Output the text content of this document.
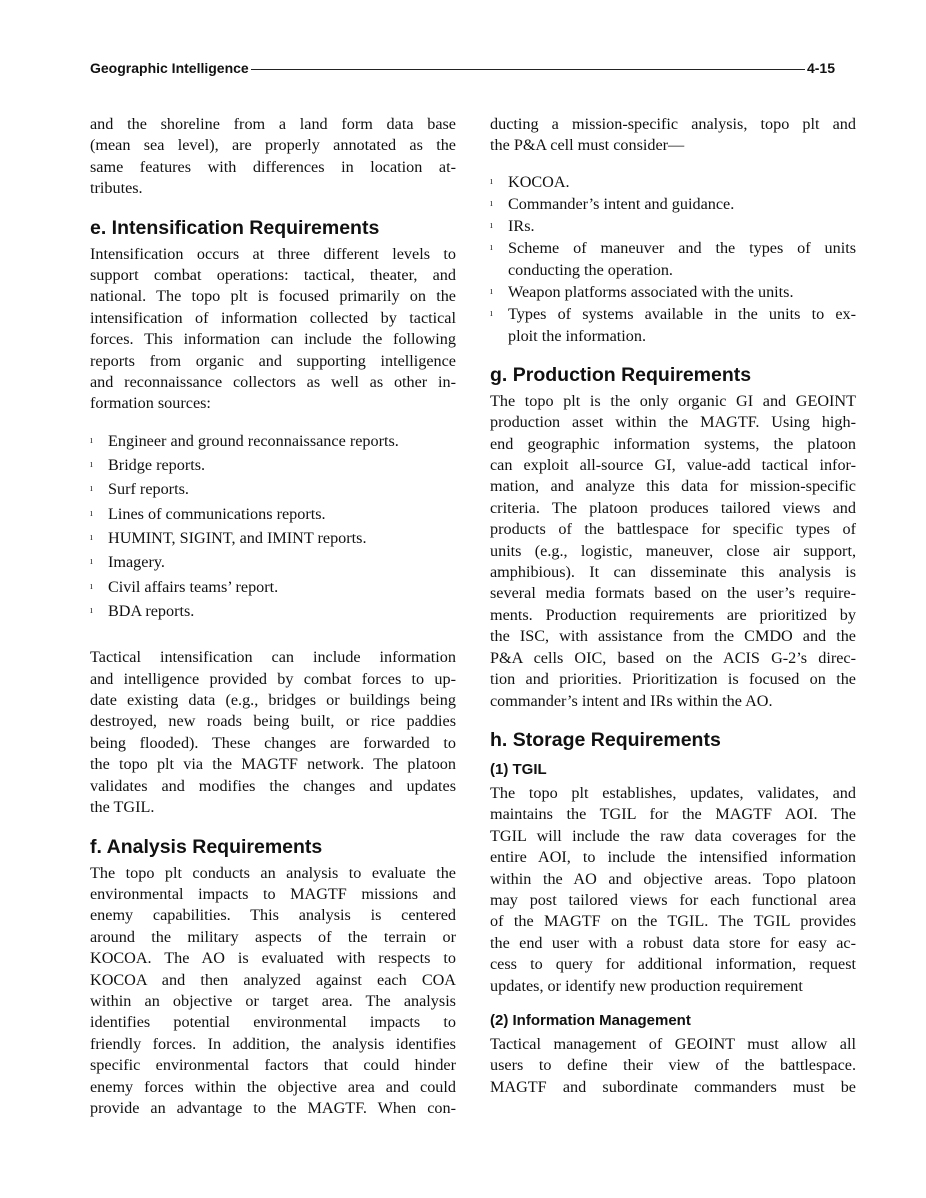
Geographic Intelligence	4-15

and the shoreline from a land form data base
(mean sea level), are properly annotated as the
same features with differences in location at-
tributes.

e. Intensification Requirements

Intensification occurs at three different levels to
support combat operations: tactical, theater, and
national. The topo plt is focused primarily on the
intensification of information collected by tactical
forces. This information can include the following
reports from organic and supporting intelligence
and reconnaissance collectors as well as other in-
formation sources:

ı Engineer and ground reconnaissance reports.
ı Bridge reports.
ı Surf reports.
ı Lines of communications reports.
ı HUMINT, SIGINT, and IMINT reports.
ı Imagery.
ı Civil affairs teams’ report.
ı BDA reports.

Tactical intensification can include information
and intelligence provided by combat forces to up-
date existing data (e.g., bridges or buildings being
destroyed, new roads being built, or rice paddies
being flooded). These changes are forwarded to
the topo plt via the MAGTF network. The platoon
validates and modifies the changes and updates
the TGIL.

f. Analysis Requirements

The topo plt conducts an analysis to evaluate the
environmental impacts to MAGTF missions and
enemy capabilities. This analysis is centered
around the military aspects of the terrain or
KOCOA. The AO is evaluated with respects to
KOCOA and then analyzed against each COA
within an objective or target area. The analysis
identifies potential environmental impacts to
friendly forces. In addition, the analysis identifies
specific environmental factors that could hinder
enemy forces within the objective area and could
provide an advantage to the MAGTF. When con-

ducting a mission-specific analysis, topo plt and
the P&A cell must consider—

ı KOCOA.
ı Commander’s intent and guidance.
ı IRs.
ı Scheme of maneuver and the types of units
conducting the operation.
ı Weapon platforms associated with the units.
ı Types of systems available in the units to ex-
ploit the information.
g. Production Requirements

The topo plt is the only organic GI and GEOINT
production asset within the MAGTF. Using high-
end geographic information systems, the platoon
can exploit all-source GI, value-add tactical infor-
mation, and analyze this data for mission-specific
criteria. The platoon produces tailored views and
products of the battlespace for specific types of
units (e.g., logistic, maneuver, close air support,
amphibious). It can disseminate this analysis is
several media formats based on the user’s require-
ments. Production requirements are prioritized by
the ISC, with assistance from the CMDO and the
P&A cells OIC, based on the ACIS G-2’s direc-
tion and priorities. Prioritization is focused on the
commander’s intent and IRs within the AO.

h. Storage Requirements
(1) TGIL

The topo plt establishes, updates, validates, and
maintains the TGIL for the MAGTF AOI. The
TGIL will include the raw data coverages for the
entire AOI, to include the intensified information
within the AO and objective areas. Topo platoon
may post tailored views for each functional area
of the MAGTF on the TGIL. The TGIL provides
the end user with a robust data store for easy ac-
cess to query for additional information, request
updates, or identify new production requirement

(2) Information Management

Tactical management of GEOINT must allow all
users to define their view of the battlespace.
MAGTF and subordinate commanders must be
